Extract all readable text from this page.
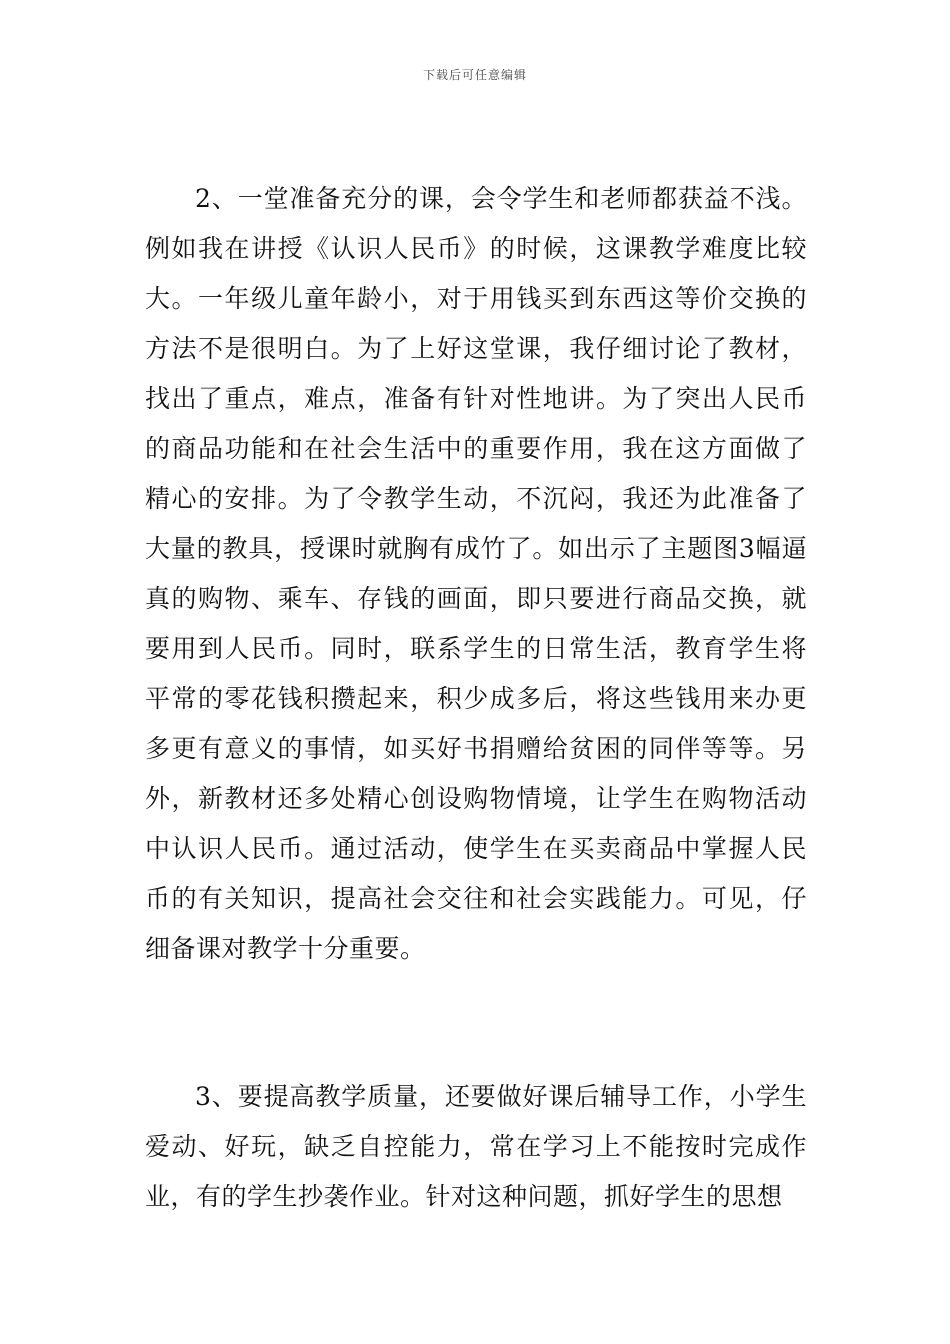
下载后可任意编辑

2、一堂准备充分的课，会令学生和老师都获益不浅。例如我在讲授《认识人民币》的时候，这课教学难度比较大。一年级儿童年龄小，对于用钱买到东西这等价交换的方法不是很明白。为了上好这堂课，我仔细讨论了教材，找出了重点，难点，准备有针对性地讲。为了突出人民币的商品功能和在社会生活中的重要作用，我在这方面做了精心的安排。为了令教学生动，不沉闷，我还为此准备了大量的教具，授课时就胸有成竹了。如出示了主题图3幅逼真的购物、乘车、存钱的画面，即只要进行商品交换，就要用到人民币。同时，联系学生的日常生活，教育学生将平常的零花钱积攒起来，积少成多后，将这些钱用来办更多更有意义的事情，如买好书捐赠给贫困的同伴等等。另外，新教材还多处精心创设购物情境，让学生在购物活动中认识人民币。通过活动，使学生在买卖商品中掌握人民币的有关知识，提高社会交往和社会实践能力。可见，仔细备课对教学十分重要。

3、要提高教学质量，还要做好课后辅导工作，小学生爱动、好玩，缺乏自控能力，常在学习上不能按时完成作业，有的学生抄袭作业。针对这种问题，抓好学生的思想
